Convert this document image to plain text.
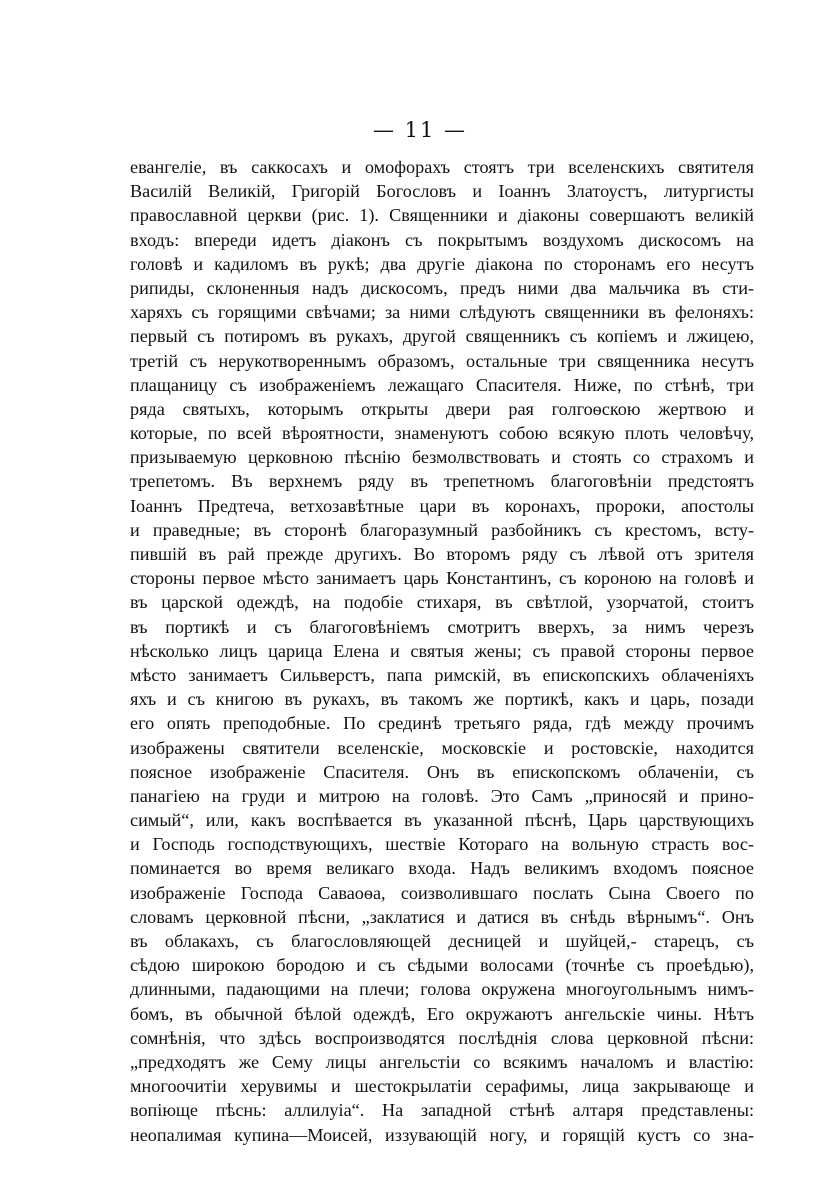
— 11 —
евангеліе, въ саккосахъ и омофорахъ стоятъ три вселенскихъ святителя
Василій Великій, Григорій Богословъ и Іоаннъ Златоустъ, литургисты
православной церкви (рис. 1). Священники и діаконы совершаютъ великій
входъ: впереди идетъ діаконъ съ покрытымъ воздухомъ дискосомъ на
головѣ и кадиломъ въ рукѣ; два другіе діакона по сторонамъ его несутъ
рипиды, склоненныя надъ дискосомъ, предъ ними два мальчика въ сти-
харяхъ съ горящими свѣчами; за ними слѣдуютъ священники въ фелоняхъ:
первый съ потиромъ въ рукахъ, другой священникъ съ копіемъ и лжицею,
третій съ нерукотвореннымъ образомъ, остальные три священника несутъ
плащаницу съ изображеніемъ лежащаго Спасителя. Ниже, по стѣнѣ, три
ряда святыхъ, которымъ открыты двери рая голгоѳскою жертвою и
которые, по всей вѣроятности, знаменуютъ собою всякую плоть человѣчу,
призываемую церковною пѣснію безмолвствовать и стоять со страхомъ и
трепетомъ. Въ верхнемъ ряду въ трепетномъ благоговѣніи предстоятъ
Іоаннъ Предтеча, ветхозавѣтные цари въ коронахъ, пророки, апостолы
и праведные; въ сторонѣ благоразумный разбойникъ съ крестомъ, всту-
пившій въ рай прежде другихъ. Во второмъ ряду съ лѣвой отъ зрителя
стороны первое мѣсто занимаетъ царь Константинъ, съ короною на головѣ и
въ царской одеждѣ, на подобіе стихаря, въ свѣтлой, узорчатой, стоитъ
въ портикѣ и съ благоговѣніемъ смотритъ вверхъ, за нимъ черезъ
нѣсколько лицъ царица Елена и святыя жены; съ правой стороны первое
мѣсто занимаетъ Сильверстъ, папа римскій, въ епископскихъ облаченіяхъ
яхъ и съ книгою въ рукахъ, въ такомъ же портикѣ, какъ и царь, позади
его опять преподобные. По срединѣ третьяго ряда, гдѣ между прочимъ
изображены святители вселенскіе, московскіе и ростовскіе, находится
поясное изображеніе Спасителя. Онъ въ епископскомъ облаченіи, съ
панагіею на груди и митрою на головѣ. Это Самъ „приносяй и прино-
симый“, или, какъ воспѣвается въ указанной пѣснѣ, Царь царствующихъ
и Господь господствующихъ, шествіе Котораго на вольную страсть вос-
поминается во время великаго входа. Надъ великимъ входомъ поясное
изображеніе Господа Саваоѳа, соизволившаго послать Сына Своего по
словамъ церковной пѣсни, „заклатися и датися въ снѣдь вѣрнымъ“. Онъ
въ облакахъ, съ благословляющей десницей и шуйцей,- старецъ, съ
сѣдою широкою бородою и съ сѣдыми волосами (точнѣе съ проеѣдью),
длинными, падающими на плечи; голова окружена многоугольнымъ нимъ-
бомъ, въ обычной бѣлой одеждѣ, Его окружаютъ ангельскіе чины. Нѣтъ
сомнѣнія, что здѣсь воспроизводятся послѣднія слова церковной пѣсни:
„предходятъ же Сему лицы ангельстіи со всякимъ началомъ и властію:
многоочитіи херувимы и шестокрылатіи серафимы, лица закрывающе и
вопіюще пѣснь: аллилуіа“. На западной стѣнѣ алтаря представлены:
неопалимая купина—Моисей, иззувающій ногу, и горящій кустъ со зна-
